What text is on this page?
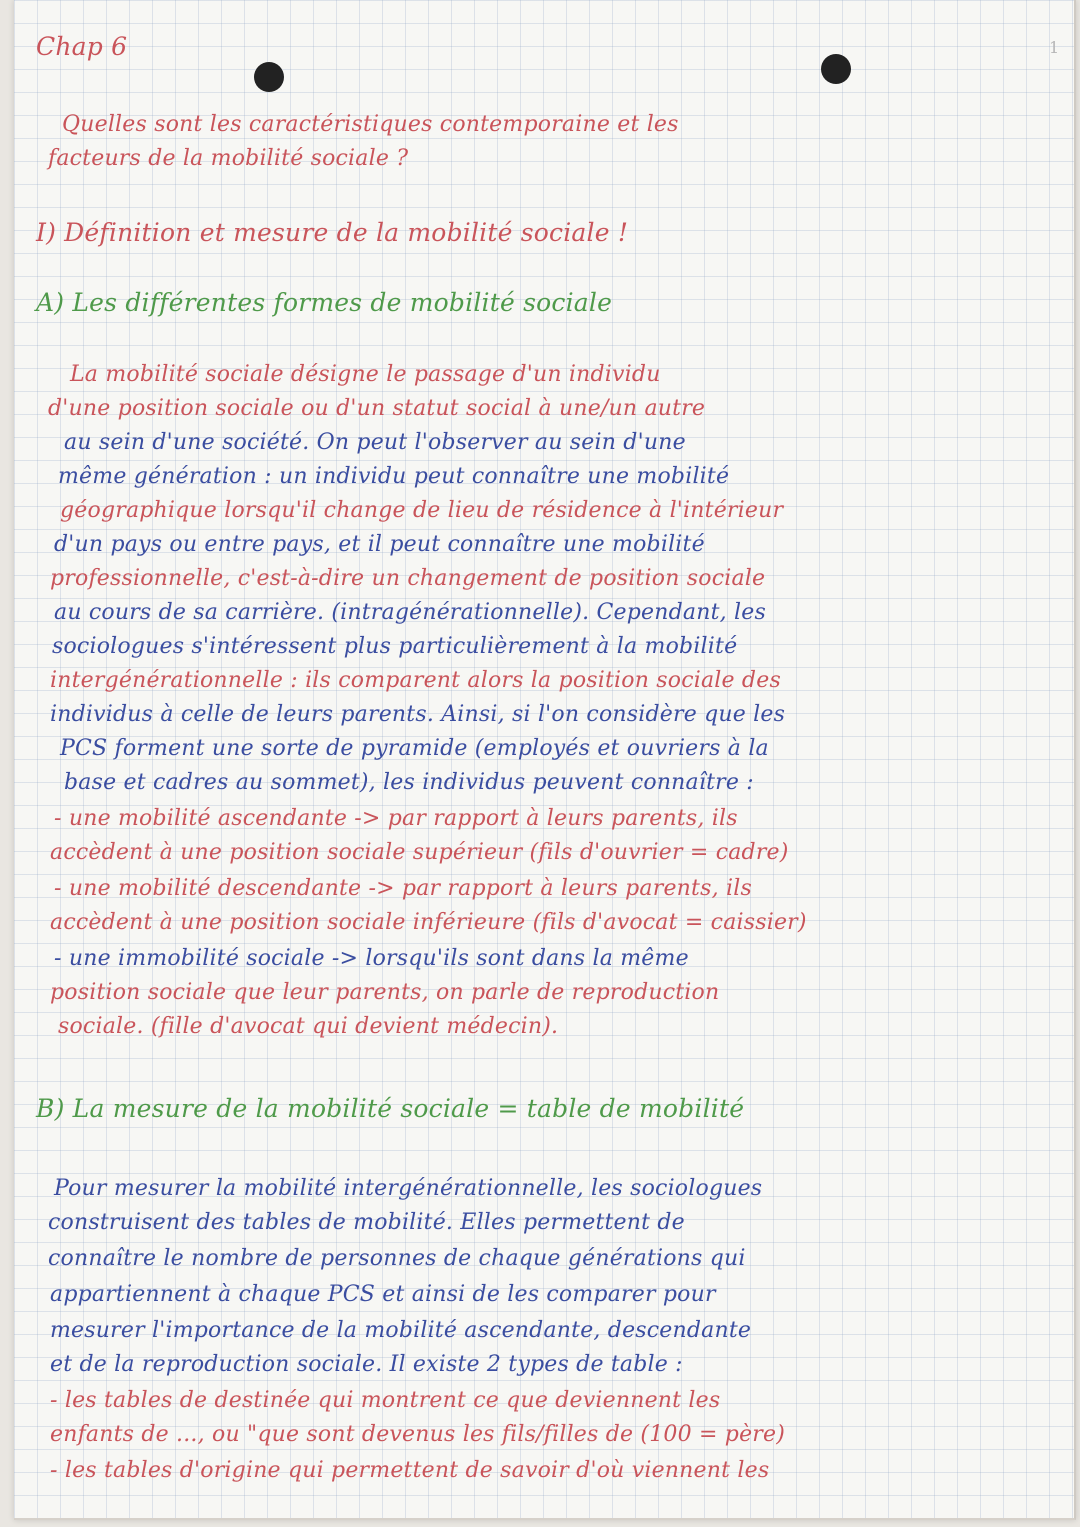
1
Chap 6
Quelles sont les caractéristiques contemporaine et les
facteurs de la mobilité sociale ?
I) Définition et mesure de la mobilité sociale !
A) Les différentes formes de mobilité sociale
La mobilité sociale désigne le passage d'un individu
d'une position sociale ou d'un statut social à une/un autre
au sein d'une société. On peut l'observer au sein d'une
même génération : un individu peut connaître une mobilité
géographique lorsqu'il change de lieu de résidence à l'intérieur
d'un pays ou entre pays, et il peut connaître une mobilité
professionnelle, c'est-à-dire un changement de position sociale
au cours de sa carrière. (intragénérationnelle). Cependant, les
sociologues s'intéressent plus particulièrement à la mobilité
intergénérationnelle : ils comparent alors la position sociale des
individus à celle de leurs parents. Ainsi, si l'on considère que les
PCS forment une sorte de pyramide (employés et ouvriers à la
base et cadres au sommet), les individus peuvent connaître :
- une mobilité ascendante -> par rapport à leurs parents, ils
accèdent à une position sociale supérieur (fils d'ouvrier = cadre)
- une mobilité descendante -> par rapport à leurs parents, ils
accèdent à une position sociale inférieure (fils d'avocat = caissier)
- une immobilité sociale -> lorsqu'ils sont dans la même
position sociale que leur parents, on parle de reproduction
sociale. (fille d'avocat qui devient médecin).
B) La mesure de la mobilité sociale = table de mobilité
Pour mesurer la mobilité intergénérationnelle, les sociologues
construisent des tables de mobilité. Elles permettent de
connaître le nombre de personnes de chaque générations qui
appartiennent à chaque PCS et ainsi de les comparer pour
mesurer l'importance de la mobilité ascendante, descendante
et de la reproduction sociale. Il existe 2 types de table :
- les tables de destinée qui montrent ce que deviennent les
enfants de ..., ou "que sont devenus les fils/filles de (100 = père)
- les tables d'origine qui permettent de savoir d'où viennent les
